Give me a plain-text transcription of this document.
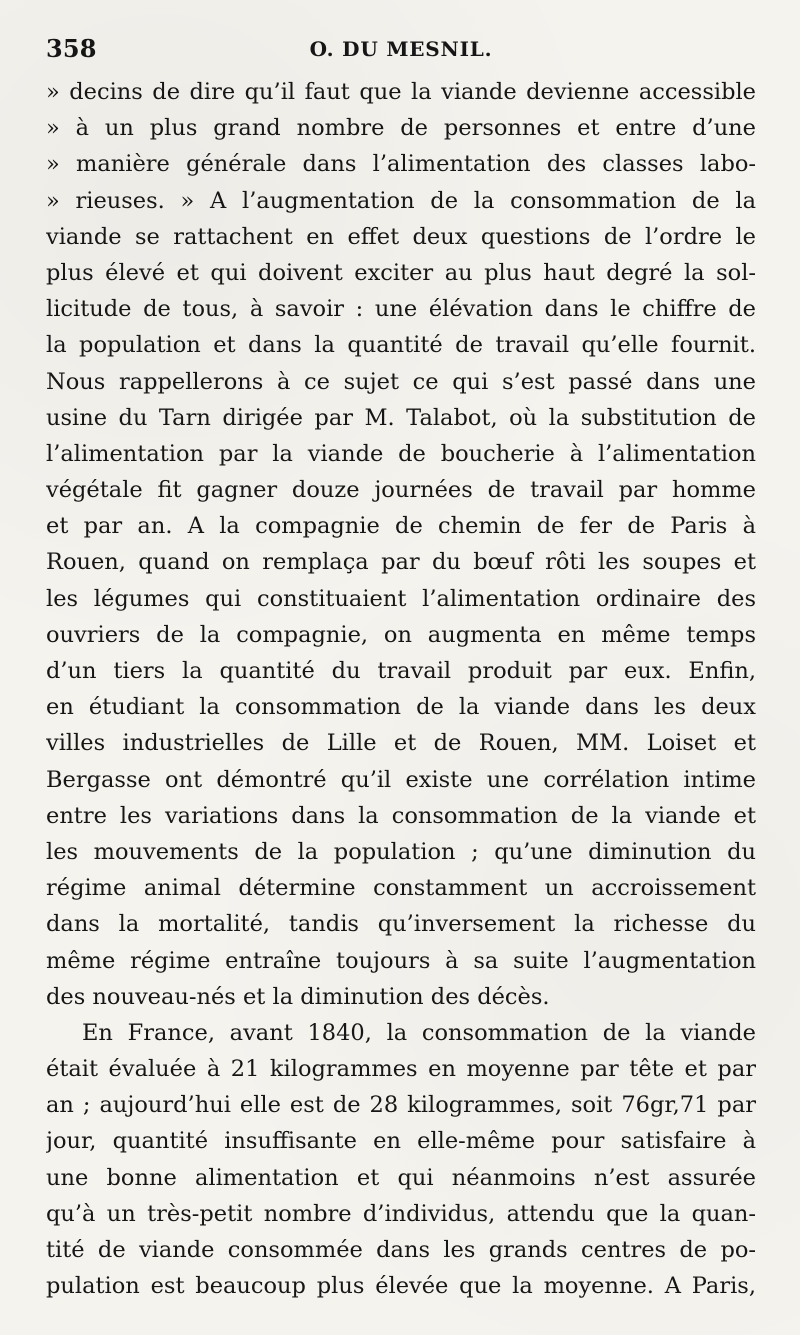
358	O. DU MESNIL.
» decins de dire qu’il faut que la viande devienne accessible
» à un plus grand nombre de personnes et entre d’une
» manière générale dans l’alimentation des classes labo-
» rieuses. » A l’augmentation de la consommation de la
viande se rattachent en effet deux questions de l’ordre le
plus élevé et qui doivent exciter au plus haut degré la sol-
licitude de tous, à savoir : une élévation dans le chiffre de
la population et dans la quantité de travail qu’elle fournit.
Nous rappellerons à ce sujet ce qui s’est passé dans une
usine du Tarn dirigée par M. Talabot, où la substitution de
l’alimentation par la viande de boucherie à l’alimentation
végétale fit gagner douze journées de travail par homme
et par an. A la compagnie de chemin de fer de Paris à
Rouen, quand on remplaça par du bœuf rôti les soupes et
les légumes qui constituaient l’alimentation ordinaire des
ouvriers de la compagnie, on augmenta en même temps
d’un tiers la quantité du travail produit par eux. Enfin,
en étudiant la consommation de la viande dans les deux
villes industrielles de Lille et de Rouen, MM. Loiset et
Bergasse ont démontré qu’il existe une corrélation intime
entre les variations dans la consommation de la viande et
les mouvements de la population ; qu’une diminution du
régime animal détermine constamment un accroissement
dans la mortalité, tandis qu’inversement la richesse du
même régime entraîne toujours à sa suite l’augmentation
des nouveau-nés et la diminution des décès.
En France, avant 1840, la consommation de la viande
était évaluée à 21 kilogrammes en moyenne par tête et par
an ; aujourd’hui elle est de 28 kilogrammes, soit 76gr,71 par
jour, quantité insuffisante en elle-même pour satisfaire à
une bonne alimentation et qui néanmoins n’est assurée
qu’à un très-petit nombre d’individus, attendu que la quan-
tité de viande consommée dans les grands centres de po-
pulation est beaucoup plus élevée que la moyenne. A Paris,
